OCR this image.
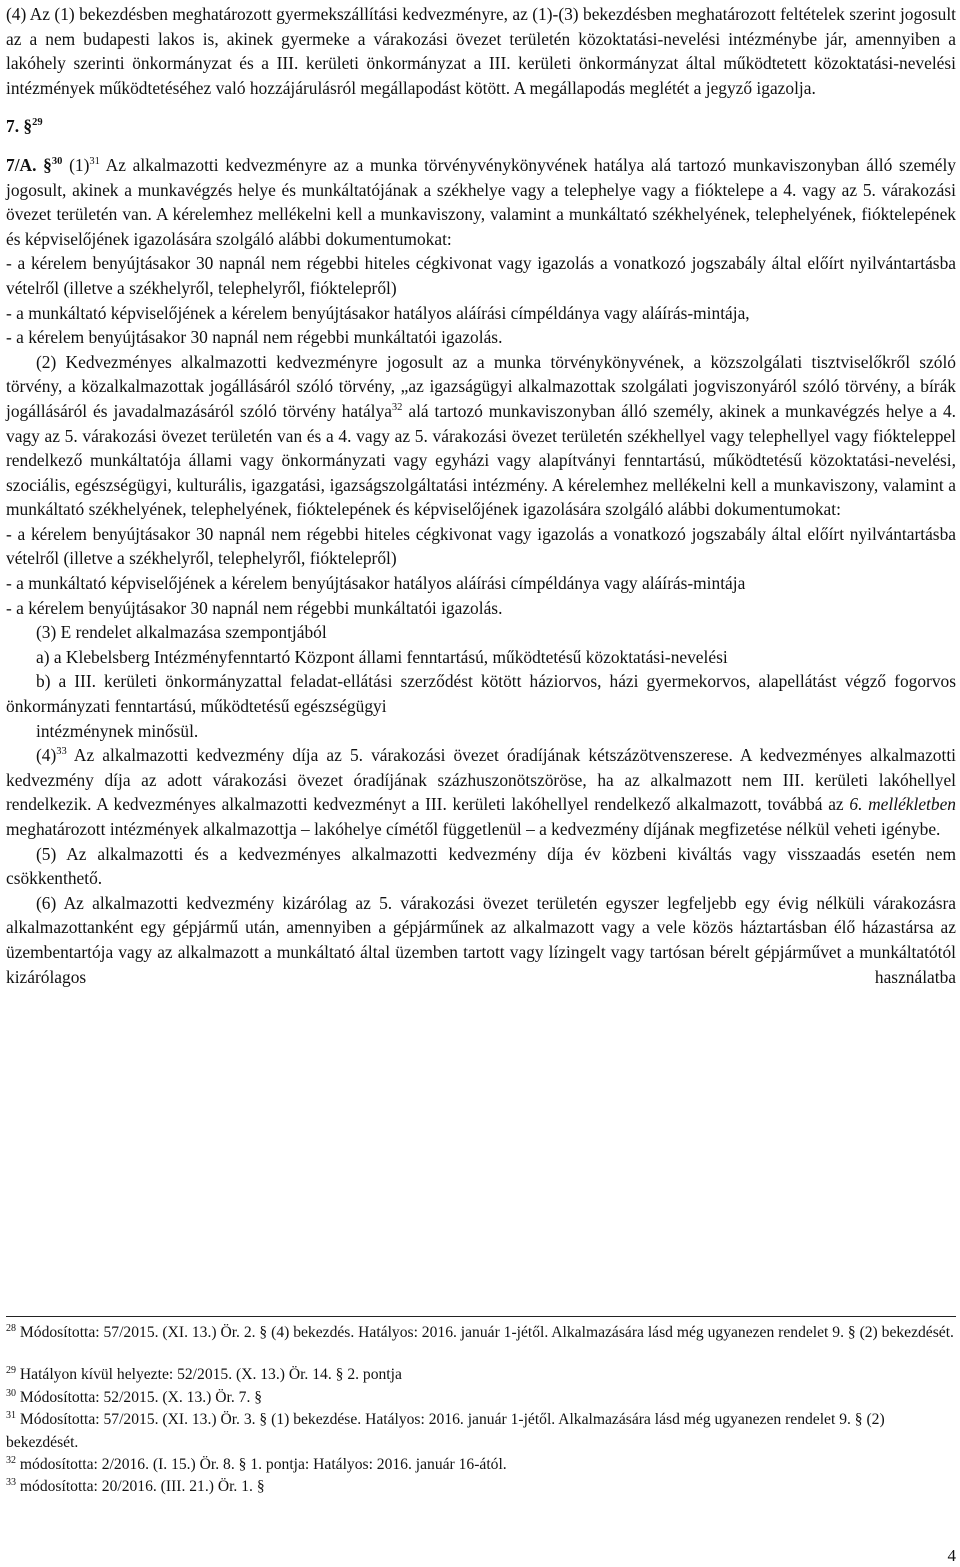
(4) Az (1) bekezdésben meghatározott gyermekszállítási kedvezményre, az (1)-(3) bekezdésben meghatározott feltételek szerint jogosult az a nem budapesti lakos is, akinek gyermeke a várakozási övezet területén közoktatási-nevelési intézménybe jár, amennyiben a lakóhely szerinti önkormányzat és a III. kerületi önkormányzat a III. kerületi önkormányzat által működtetett közoktatási-nevelési intézmények működtetéséhez való hozzájárulásról megállapodást kötött. A megállapodás meglétét a jegyző igazolja.

7. §$^{29}$

7/A. §$^{30}$ $(1)^{31}$ Az alkalmazotti kedvezményre az a munka törvényvénykönyvének hatálya alá tartozó munkaviszonyban álló személy jogosult, akinek a munkavégzés helye és munkáltatójának a székhelye vagy a telephelye vagy a fióktelepe a 4. vagy az 5. várakozási övezet területén van. A kérelemhez mellékelni kell a munkaviszony, valamint a munkáltató székhelyének, telephelyének, fióktelepének és képviselőjének igazolására szolgáló alábbi dokumentumokat:

- a kérelem benyújtásakor 30 napnál nem régebbi hiteles cégkivonat vagy igazolás a vonatkozó jogszabály által előírt nyilvántartásba vételről (illetve a székhelyről, telephelyről, fióktelepről)

- a munkáltató képviselőjének a kérelem benyújtásakor hatályos aláírási címpéldánya vagy aláírás-mintája,

- a kérelem benyújtásakor 30 napnál nem régebbi munkáltatói igazolás.

(2) Kedvezményes alkalmazotti kedvezményre jogosult az a munka törvénykönyvének, a közszolgálati tisztviselőkről szóló törvény, a közalkalmazottak jogállásáról szóló törvény, „az igazságügyi alkalmazottak szolgálati jogviszonyáról szóló törvény, a bírák jogállásáról és javadalmazásáról szóló törvény hatálya$^{32}$ alá tartozó munkaviszonyban álló személy, akinek a munkavégzés helye a 4. vagy az 5. várakozási övezet területén van és a 4. vagy az 5. várakozási övezet területén székhellyel vagy telephellyel vagy fiókteleppel rendelkező munkáltatója állami vagy önkormányzati vagy egyházi vagy alapítványi fenntartású, működtetésű közoktatási-nevelési, szociális, egészségügyi, kulturális, igazgatási, igazságszolgáltatási intézmény. A kérelemhez mellékelni kell a munkaviszony, valamint a munkáltató székhelyének, telephelyének, fióktelepének és képviselőjének igazolására szolgáló alábbi dokumentumokat:

- a kérelem benyújtásakor 30 napnál nem régebbi hiteles cégkivonat vagy igazolás a vonatkozó jogszabály által előírt nyilvántartásba vételről (illetve a székhelyről, telephelyről, fióktelepről)

- a munkáltató képviselőjének a kérelem benyújtásakor hatályos aláírási címpéldánya vagy aláírás-mintája

- a kérelem benyújtásakor 30 napnál nem régebbi munkáltatói igazolás.

(3) E rendelet alkalmazása szempontjából

a) a Klebelsberg Intézményfenntartó Központ állami fenntartású, működtetésű közoktatási-nevelési

b) a III. kerületi önkormányzattal feladat-ellátási szerződést kötött háziorvos, házi gyermekorvos, alapellátást végző fogorvos önkormányzati fenntartású, működtetésű egészségügyi

intézménynek minősül.

$(4)^{33}$ Az alkalmazotti kedvezmény díja az 5. várakozási övezet óradíjának kétszázötvenszerese. A kedvezményes alkalmazotti kedvezmény díja az adott várakozási övezet óradíjának százhuszonötszöröse, ha az alkalmazott nem III. kerületi lakóhellyel rendelkezik. A kedvezményes alkalmazotti kedvezményt a III. kerületi lakóhellyel rendelkező alkalmazott, továbbá az 6. mellékletben meghatározott intézmények alkalmazottja – lakóhelye címétől függetlenül – a kedvezmény díjának megfizetése nélkül veheti igénybe.

(5) Az alkalmazotti és a kedvezményes alkalmazotti kedvezmény díja év közbeni kiváltás vagy visszaadás esetén nem csökkenthető.

(6) Az alkalmazotti kedvezmény kizárólag az 5. várakozási övezet területén egyszer legfeljebb egy évig nélküli várakozásra alkalmazottanként egy gépjármű után, amennyiben a gépjárműnek az alkalmazott vagy a vele közös háztartásban élő házastársa az üzembentartója vagy az alkalmazott a munkáltató által üzemben tartott vagy lízingelt vagy tartósan bérelt gépjárművet a munkáltatótól kizárólagos használatba

$^{28}$ Módosította: 57/2015. (XI. 13.) Ör. 2. § (4) bekezdés. Hatályos: 2016. január 1-jétől. Alkalmazására lásd még ugyanezen rendelet 9. § (2) bekezdését.

$^{29}$ Hatályon kívül helyezte: 52/2015. (X. 13.) Ör. 14. § 2. pontja

$^{30}$ Módosította: 52/2015. (X. 13.) Ör. 7. §

$^{31}$ Módosította: 57/2015. (XI. 13.) Ör. 3. § (1) bekezdése. Hatályos: 2016. január 1-jétől. Alkalmazására lásd még ugyanezen rendelet 9. § (2) bekezdését.

$^{32}$ módosította: 2/2016. (I. 15.) Ör. 8. § 1. pontja: Hatályos: 2016. január 16-ától.

$^{33}$ módosította: 20/2016. (III. 21.) Ör. 1. §

4
